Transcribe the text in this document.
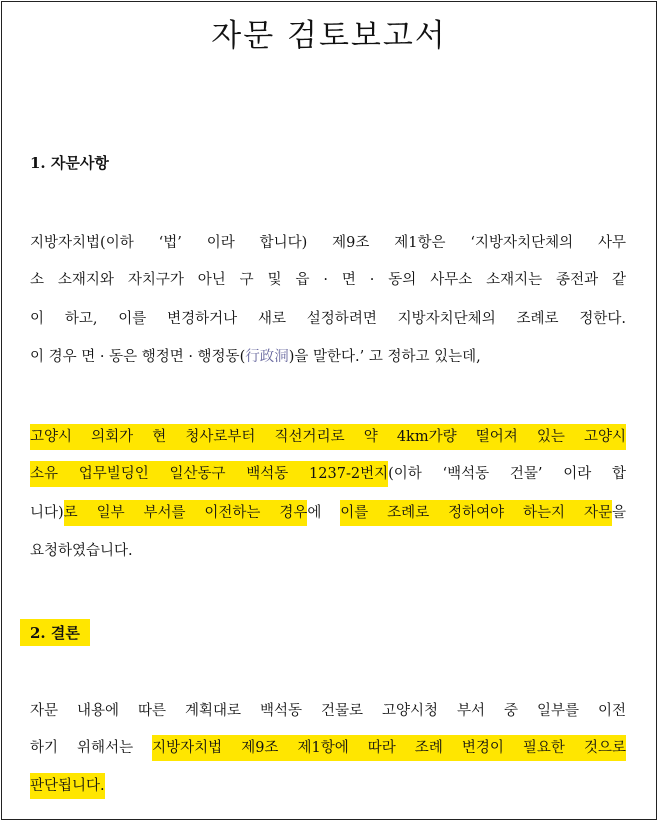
자문 검토보고서
1. 자문사항
지방자치법(이하 ‘법’ 이라 합니다) 제9조 제1항은 ‘지방자치단체의 사무
소 소재지와 자치구가 아닌 구 및 읍 · 면 · 동의 사무소 소재지는 종전과 같
이 하고, 이를 변경하거나 새로 설정하려면 지방자치단체의 조례로 정한다.
이 경우 면 · 동은 행정면 · 행정동(行政洞)을 말한다.’ 고 정하고 있는데,
고양시 의회가 현 청사로부터 직선거리로 약 4km가량 떨어져 있는 고양시
소유 업무빌딩인 일산동구 백석동 1237-2번지(이하 ‘백석동 건물’ 이라 합
니다)로 일부 부서를 이전하는 경우에 이를 조례로 정하여야 하는지 자문을
요청하였습니다.
2. 결론
자문 내용에 따른 계획대로 백석동 건물로 고양시청 부서 중 일부를 이전
하기 위해서는 지방자치법 제9조 제1항에 따라 조례 변경이 필요한 것으로
판단됩니다.
